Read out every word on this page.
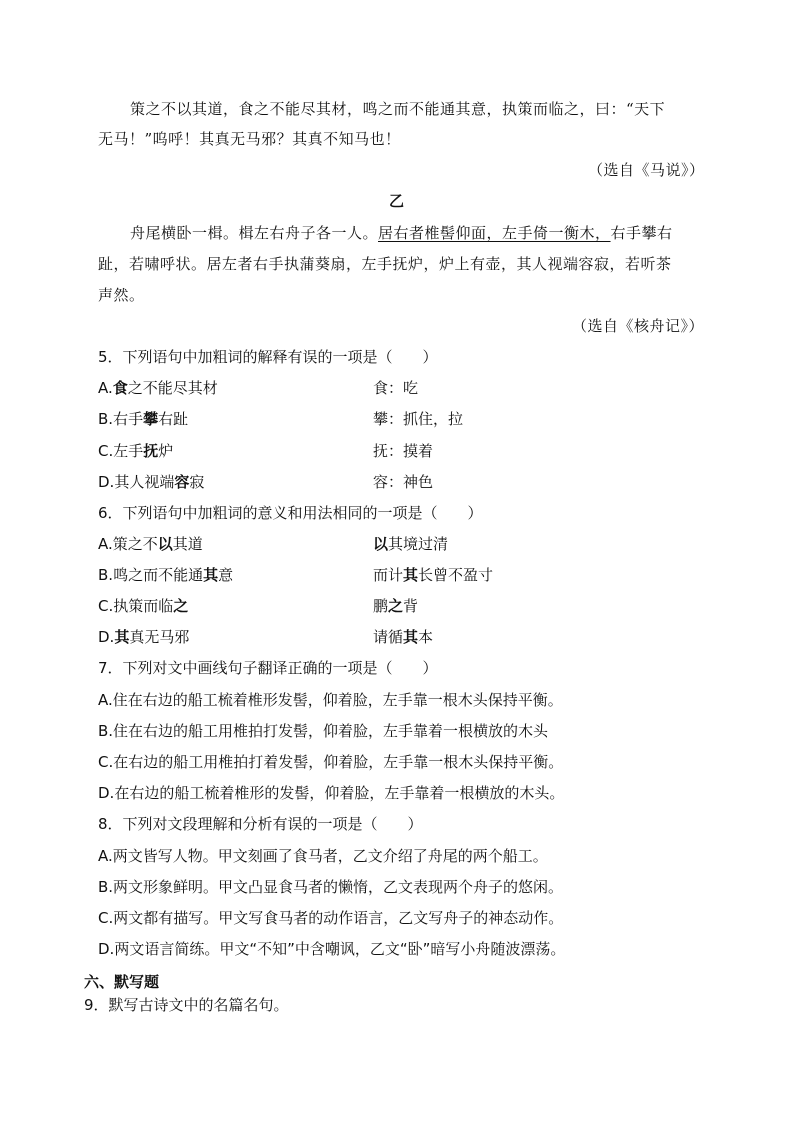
策之不以其道，食之不能尽其材，鸣之而不能通其意，执策而临之，曰：“天下
无马！”呜呼！其真无马邪？其真不知马也！
（选自《马说》）
乙
舟尾横卧一楫。楫左右舟子各一人。居右者椎髻仰面，左手倚一衡木，右手攀右
趾，若啸呼状。居左者右手执蒲葵扇，左手抚炉，炉上有壶，其人视端容寂，若听茶
声然。
（选自《核舟记》）
5．下列语句中加粗词的解释有误的一项是（　　）
A.食之不能尽其材	食：吃
B.右手攀右趾	攀：抓住，拉
C.左手抚炉	抚：摸着
D.其人视端容寂	容：神色
6．下列语句中加粗词的意义和用法相同的一项是（　　）
A.策之不以其道	以其境过清
B.鸣之而不能通其意	而计其长曾不盈寸
C.执策而临之	鹏之背
D.其真无马邪	请循其本
7．下列对文中画线句子翻译正确的一项是（　　）
A.住在右边的船工梳着椎形发髻，仰着脸，左手靠一根木头保持平衡。
B.住在右边的船工用椎拍打发髻，仰着脸，左手靠着一根横放的木头
C.在右边的船工用椎拍打着发髻，仰着脸，左手靠一根木头保持平衡。
D.在右边的船工梳着椎形的发髻，仰着脸，左手靠着一根横放的木头。
8．下列对文段理解和分析有误的一项是（　　）
A.两文皆写人物。甲文刻画了食马者，乙文介绍了舟尾的两个船工。
B.两文形象鲜明。甲文凸显食马者的懒惰，乙文表现两个舟子的悠闲。
C.两文都有描写。甲文写食马者的动作语言，乙文写舟子的神态动作。
D.两文语言简练。甲文“不知”中含嘲讽，乙文“卧”暗写小舟随波漂荡。
六、默写题
9．默写古诗文中的名篇名句。
